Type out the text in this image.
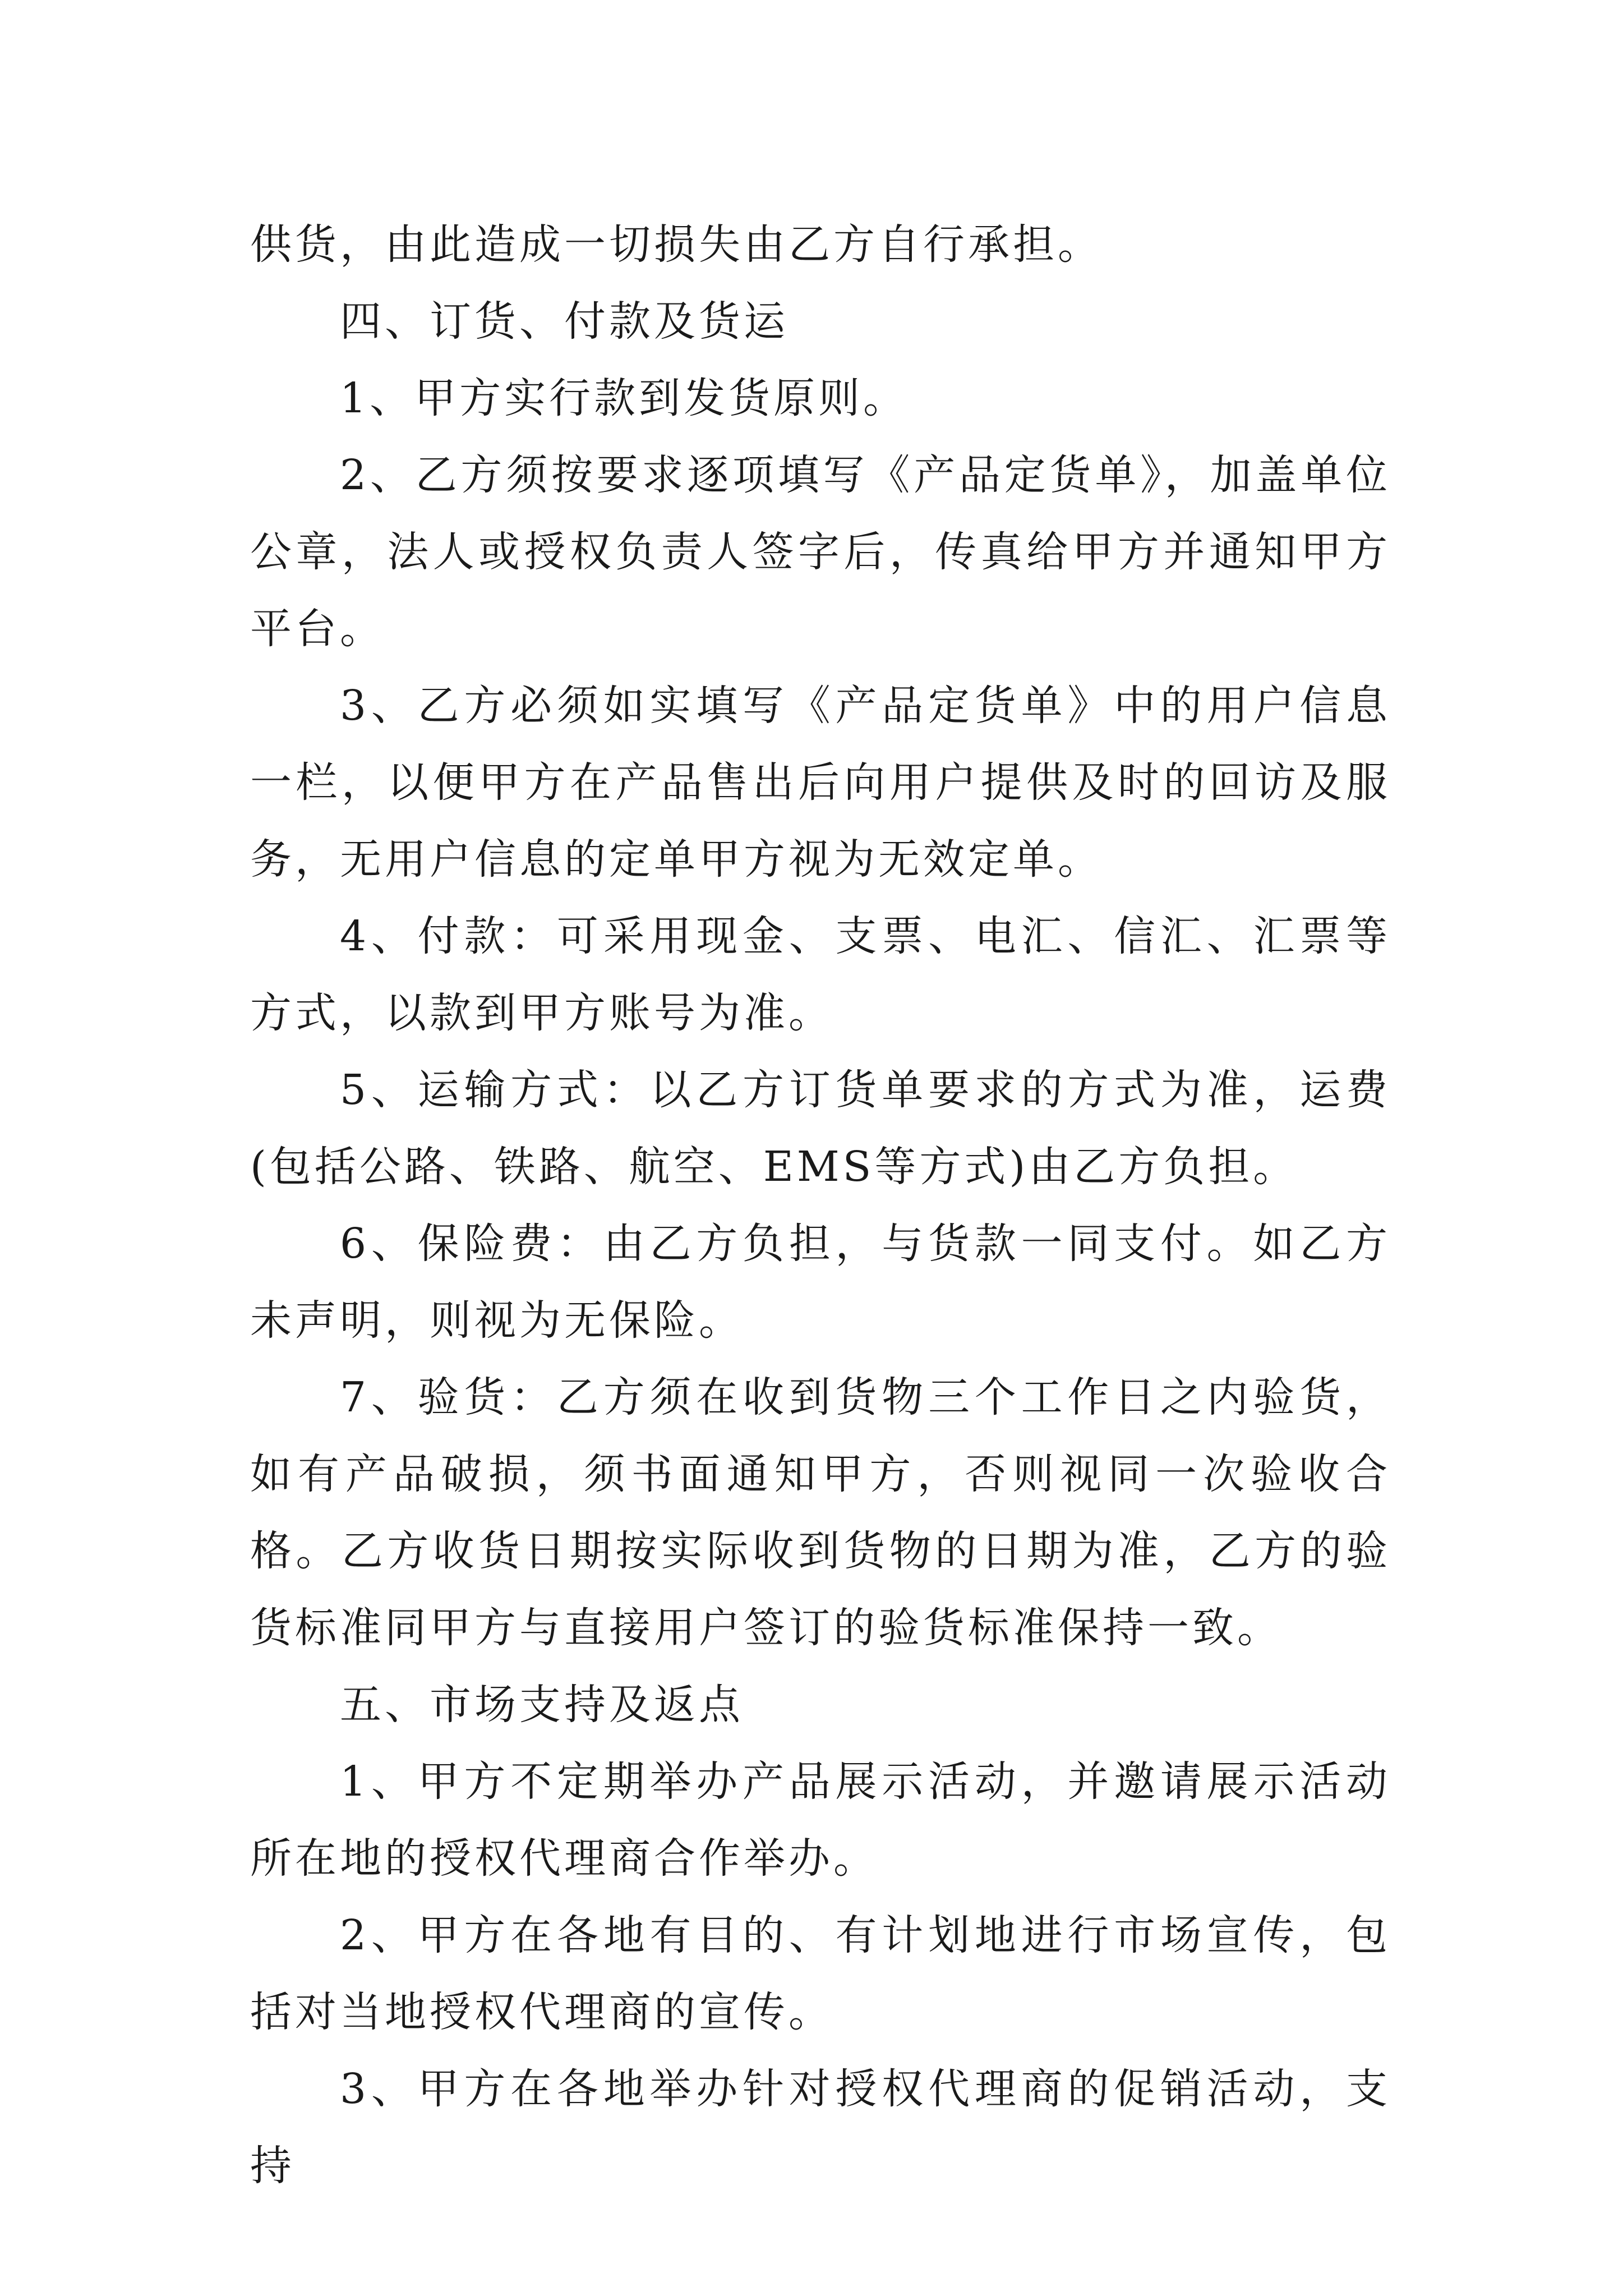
供货，由此造成一切损失由乙方自行承担。

四、订货、付款及货运

1、甲方实行款到发货原则。

2、乙方须按要求逐项填写《产品定货单》，加盖单位公章，法人或授权负责人签字后，传真给甲方并通知甲方平台。

3、乙方必须如实填写《产品定货单》中的用户信息一栏，以便甲方在产品售出后向用户提供及时的回访及服务，无用户信息的定单甲方视为无效定单。

4、付款：可采用现金、支票、电汇、信汇、汇票等方式，以款到甲方账号为准。

5、运输方式：以乙方订货单要求的方式为准，运费(包括公路、铁路、航空、EMS等方式)由乙方负担。

6、保险费：由乙方负担，与货款一同支付。如乙方未声明，则视为无保险。

7、验货：乙方须在收到货物三个工作日之内验货，如有产品破损，须书面通知甲方，否则视同一次验收合格。乙方收货日期按实际收到货物的日期为准，乙方的验货标准同甲方与直接用户签订的验货标准保持一致。

五、市场支持及返点

1、甲方不定期举办产品展示活动，并邀请展示活动所在地的授权代理商合作举办。

2、甲方在各地有目的、有计划地进行市场宣传，包括对当地授权代理商的宣传。

3、甲方在各地举办针对授权代理商的促销活动，支持
